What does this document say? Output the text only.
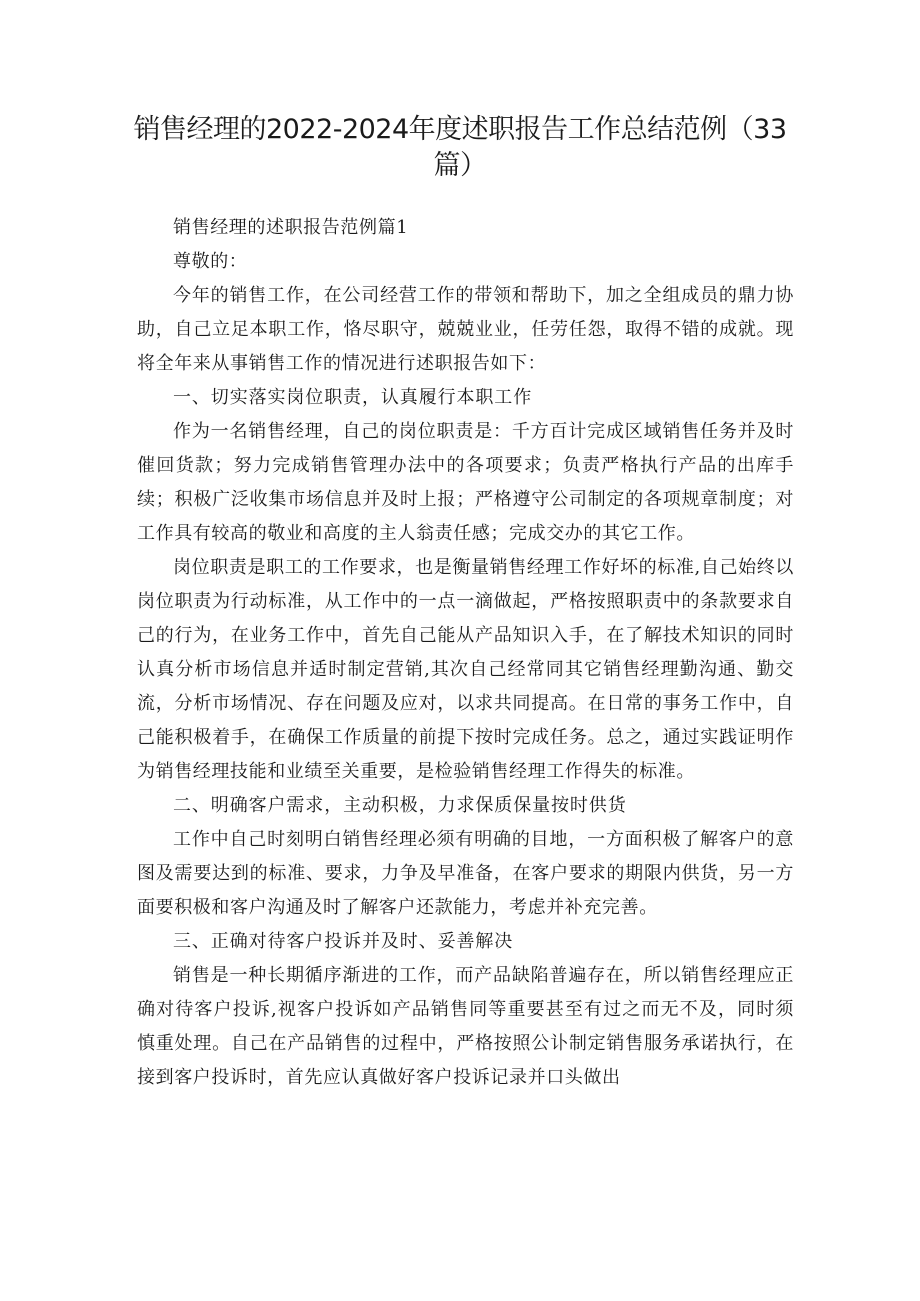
销售经理的2022-2024年度述职报告工作总结范例（33篇）

销售经理的述职报告范例篇1

尊敬的：

今年的销售工作，在公司经营工作的带领和帮助下，加之全组成员的鼎力协助，自己立足本职工作，恪尽职守，兢兢业业，任劳任怨，取得不错的成就。现将全年来从事销售工作的情况进行述职报告如下：

一、切实落实岗位职责，认真履行本职工作

作为一名销售经理，自己的岗位职责是：千方百计完成区域销售任务并及时催回货款；努力完成销售管理办法中的各项要求；负责严格执行产品的出库手续；积极广泛收集市场信息并及时上报；严格遵守公司制定的各项规章制度；对工作具有较高的敬业和高度的主人翁责任感；完成交办的其它工作。

岗位职责是职工的工作要求，也是衡量销售经理工作好坏的标准,自己始终以岗位职责为行动标准，从工作中的一点一滴做起，严格按照职责中的条款要求自己的行为，在业务工作中，首先自己能从产品知识入手，在了解技术知识的同时认真分析市场信息并适时制定营销,其次自己经常同其它销售经理勤沟通、勤交流，分析市场情况、存在问题及应对，以求共同提高。在日常的事务工作中，自己能积极着手，在确保工作质量的前提下按时完成任务。总之，通过实践证明作为销售经理技能和业绩至关重要，是检验销售经理工作得失的标准。

二、明确客户需求，主动积极，力求保质保量按时供货

工作中自己时刻明白销售经理必须有明确的目地，一方面积极了解客户的意图及需要达到的标准、要求，力争及早准备，在客户要求的期限内供货，另一方面要积极和客户沟通及时了解客户还款能力，考虑并补充完善。

三、正确对待客户投诉并及时、妥善解决

销售是一种长期循序渐进的工作，而产品缺陷普遍存在，所以销售经理应正确对待客户投诉,视客户投诉如产品销售同等重要甚至有过之而无不及，同时须慎重处理。自己在产品销售的过程中，严格按照公讣制定销售服务承诺执行，在接到客户投诉时，首先应认真做好客户投诉记录并口头做出
